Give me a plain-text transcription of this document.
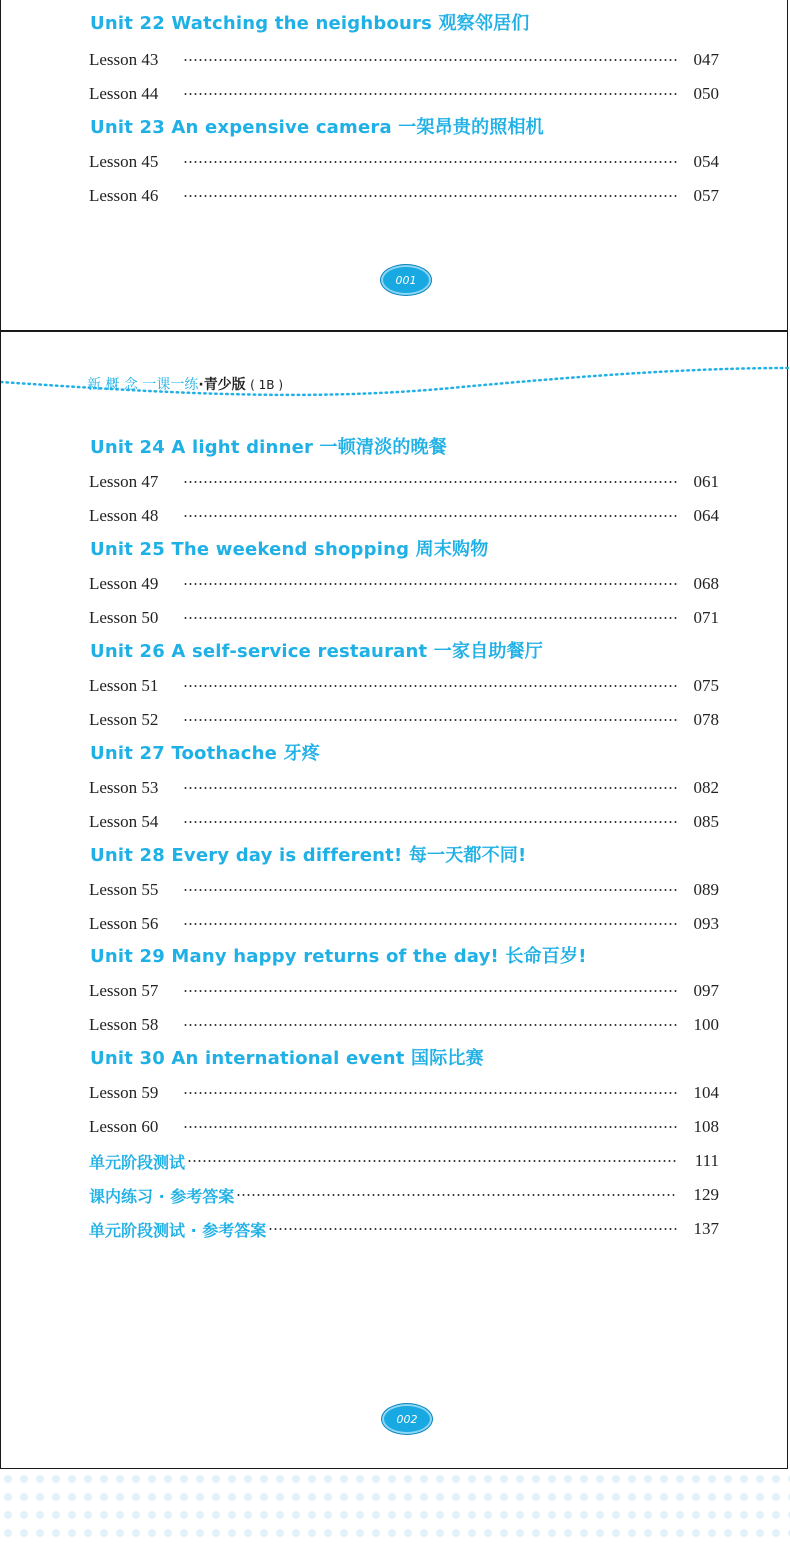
Unit 22 Watching the neighbours 观察邻居们
Lesson 43	047
Lesson 44	050
Unit 23 An expensive camera 一架昂贵的照相机
Lesson 45	054
Lesson 46	057
001
新 概 念 一课一练·青少版 ( 1B )
Unit 24 A light dinner 一顿清淡的晚餐
Lesson 47	061
Lesson 48	064
Unit 25 The weekend shopping 周末购物
Lesson 49	068
Lesson 50	071
Unit 26 A self-service restaurant 一家自助餐厅
Lesson 51	075
Lesson 52	078
Unit 27 Toothache 牙疼
Lesson 53	082
Lesson 54	085
Unit 28 Every day is different! 每一天都不同!
Lesson 55	089
Lesson 56	093
Unit 29 Many happy returns of the day! 长命百岁!
Lesson 57	097
Lesson 58	100
Unit 30 An international event 国际比赛
Lesson 59	104
Lesson 60	108
单元阶段测试	111
课内练习 · 参考答案	129
单元阶段测试 · 参考答案	137
002
